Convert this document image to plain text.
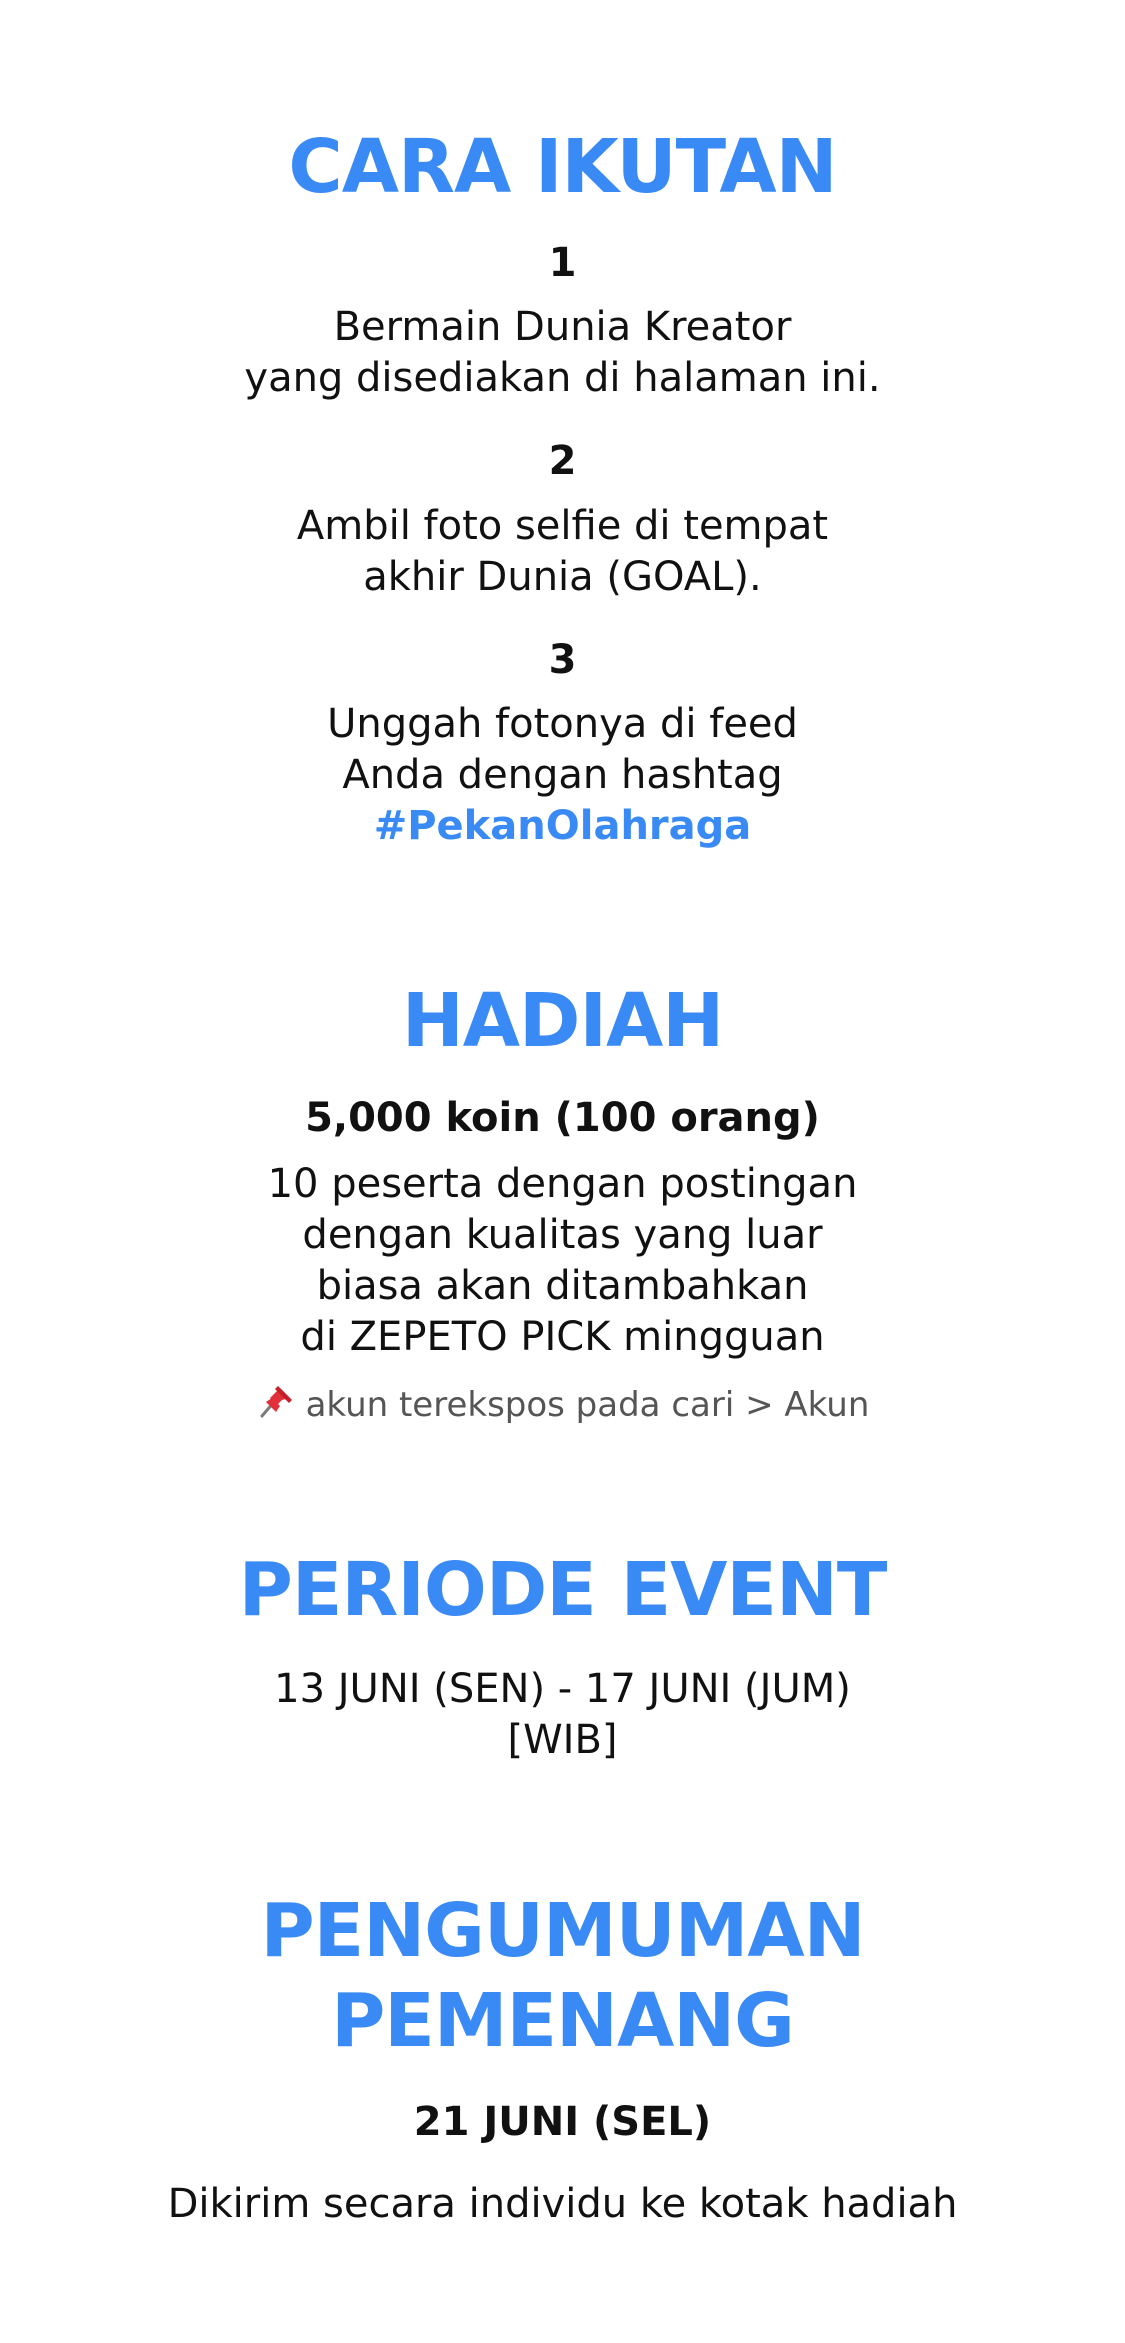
CARA IKUTAN
1
Bermain Dunia Kreator
yang disediakan di halaman ini.
2
Ambil foto selfie di tempat
akhir Dunia (GOAL).
3
Unggah fotonya di feed
Anda dengan hashtag
#PekanOlahraga
HADIAH
5,000 koin (100 orang)
10 peserta dengan postingan
dengan kualitas yang luar
biasa akan ditambahkan
di ZEPETO PICK mingguan
akun terekspos pada cari > Akun
PERIODE EVENT
13 JUNI (SEN) - 17 JUNI (JUM)
[WIB]
PENGUMUMAN
PEMENANG
21 JUNI (SEL)
Dikirim secara individu ke kotak hadiah
